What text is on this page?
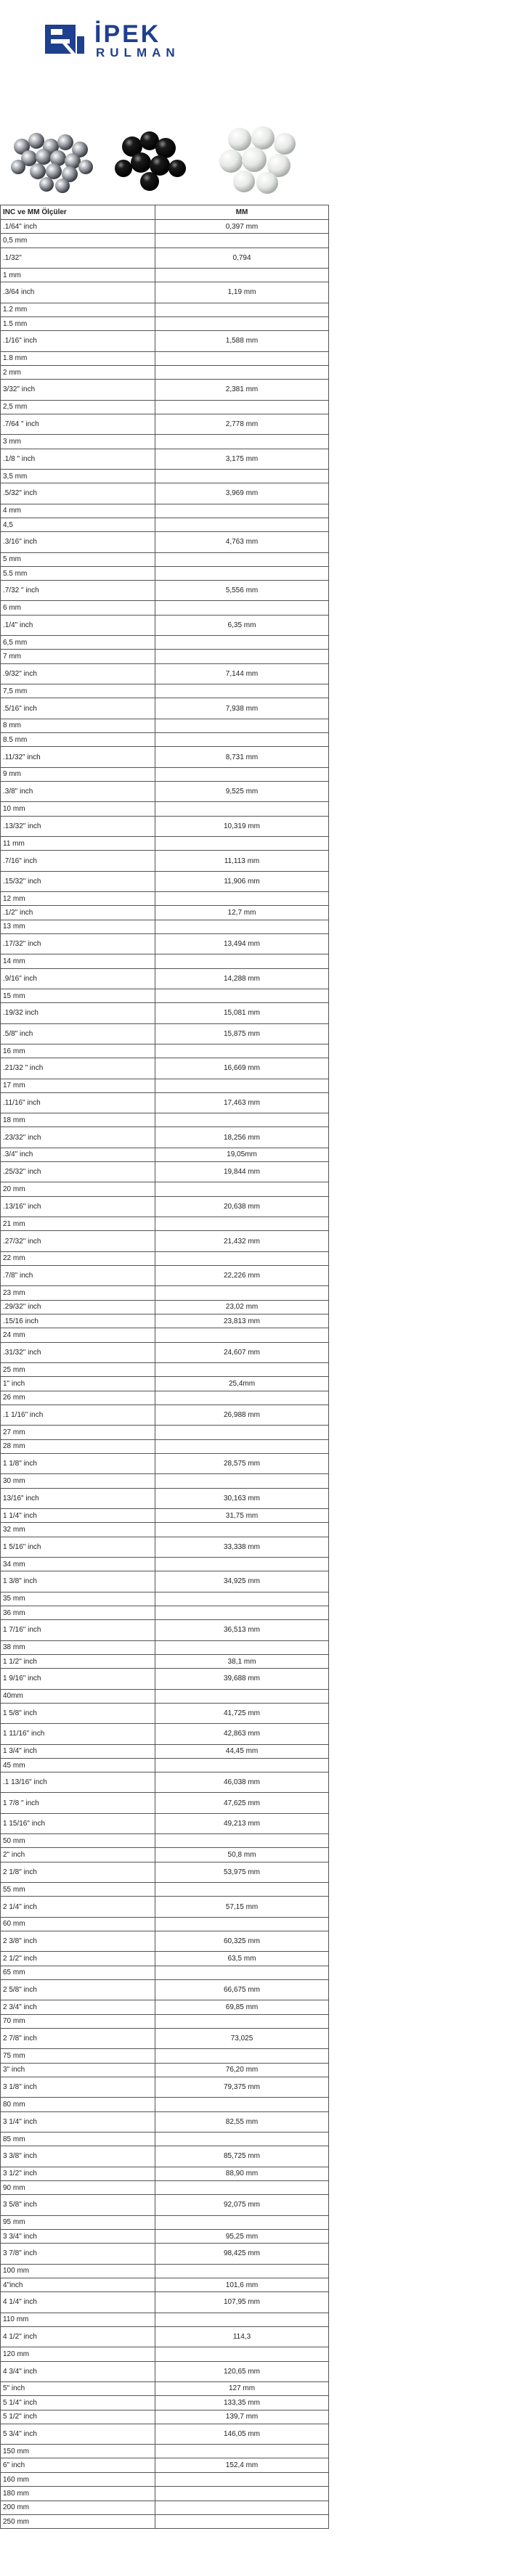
İPEK
RULMAN
INC ve MM Ölçüler	MM
.1/64" inch	0,397 mm
0,5 mm	
.1/32"	0,794
1 mm	
.3/64 inch	1,19 mm
1.2 mm	
1.5 mm	
.1/16" inch	1,588 mm
1.8 mm	
2 mm	
3/32" inch	2,381 mm
2,5 mm	
.7/64 " inch	2,778 mm
3 mm	
.1/8 " inch	3,175 mm
3,5 mm	
.5/32" inch	3,969 mm
4 mm	
4,5	
.3/16" inch	4,763 mm
5 mm	
5.5 mm	
.7/32 " inch	5,556 mm
6 mm	
.1/4" inch	6,35 mm
6,5 mm	
7 mm	
.9/32" inch	7,144 mm
7,5 mm	
.5/16" inch	7,938 mm
8 mm	
8.5 mm	
.11/32" inch	8,731 mm
9 mm	
.3/8" inch	9,525 mm
10 mm	
.13/32" inch	10,319 mm
11 mm	
.7/16" inch	11,113 mm
.15/32" inch	11,906 mm
12 mm	
.1/2" inch	12,7 mm
13 mm	
.17/32" inch	13,494 mm
14 mm	
.9/16" inch	14,288 mm
15 mm	
.19/32 inch	15,081 mm
.5/8" inch	15,875 mm
16 mm	
.21/32 " inch	16,669 mm
17 mm	
.11/16" inch	17,463 mm
18 mm	
.23/32" inch	18,256 mm
.3/4" inch	19,05mm
.25/32" inch	19,844 mm
20 mm	
.13/16" inch	20,638 mm
21 mm	
.27/32" inch	21,432 mm
22 mm	
.7/8" inch	22,226 mm
23 mm	
.29/32" inch	23,02 mm
.15/16 inch	23,813 mm
24 mm	
.31/32" inch	24,607 mm
25 mm	
1" inch	25,4mm
26 mm	
.1 1/16" inch	26,988 mm
27 mm	
28 mm	
1 1/8" inch	28,575 mm
30 mm	
13/16" inch	30,163 mm
1 1/4" inch	31,75 mm
32 mm	
1 5/16" inch	33,338 mm
34 mm	
1 3/8" inch	34,925 mm
35 mm	
36 mm	
1 7/16" inch	36,513 mm
38 mm	
1 1/2" inch	38,1 mm
1 9/16" inch	39,688 mm
40mm	
1 5/8" inch	41,725 mm
1 11/16" inch	42,863 mm
1 3/4" inch	44,45 mm
45 mm	
.1 13/16" inch	46,038 mm
1 7/8 " inch	47,625 mm
1 15/16" inch	49,213 mm
50 mm	
2" inch	50,8 mm
2 1/8" inch	53,975 mm
55 mm	
2 1/4" inch	57,15 mm
60 mm	
2 3/8" inch	60,325 mm
2 1/2" inch	63,5 mm
65 mm	
2 5/8" inch	66,675 mm
2 3/4" inch	69,85 mm
70 mm	
2 7/8" inch	73,025
75 mm	
3" inch	76,20 mm
3 1/8" inch	79,375 mm
80 mm	
3 1/4" inch	82,55 mm
85 mm	
3 3/8" inch	85,725 mm
3 1/2" inch	88,90 mm
90 mm	
3 5/8" inch	92,075 mm
95 mm	
3 3/4" inch	95,25 mm
3 7/8" inch	98,425 mm
100 mm	
4"inch	101,6 mm
4 1/4" inch	107,95 mm
110 mm	
4 1/2" inch	114,3
120 mm	
4 3/4" inch	120,65 mm
5" inch	127 mm
5 1/4" inch	133,35 mm
5 1/2" inch	139,7 mm
5 3/4" inch	146,05 mm
150 mm	
6" inch	152,4 mm
160 mm	
180 mm	
200 mm	
250 mm	
